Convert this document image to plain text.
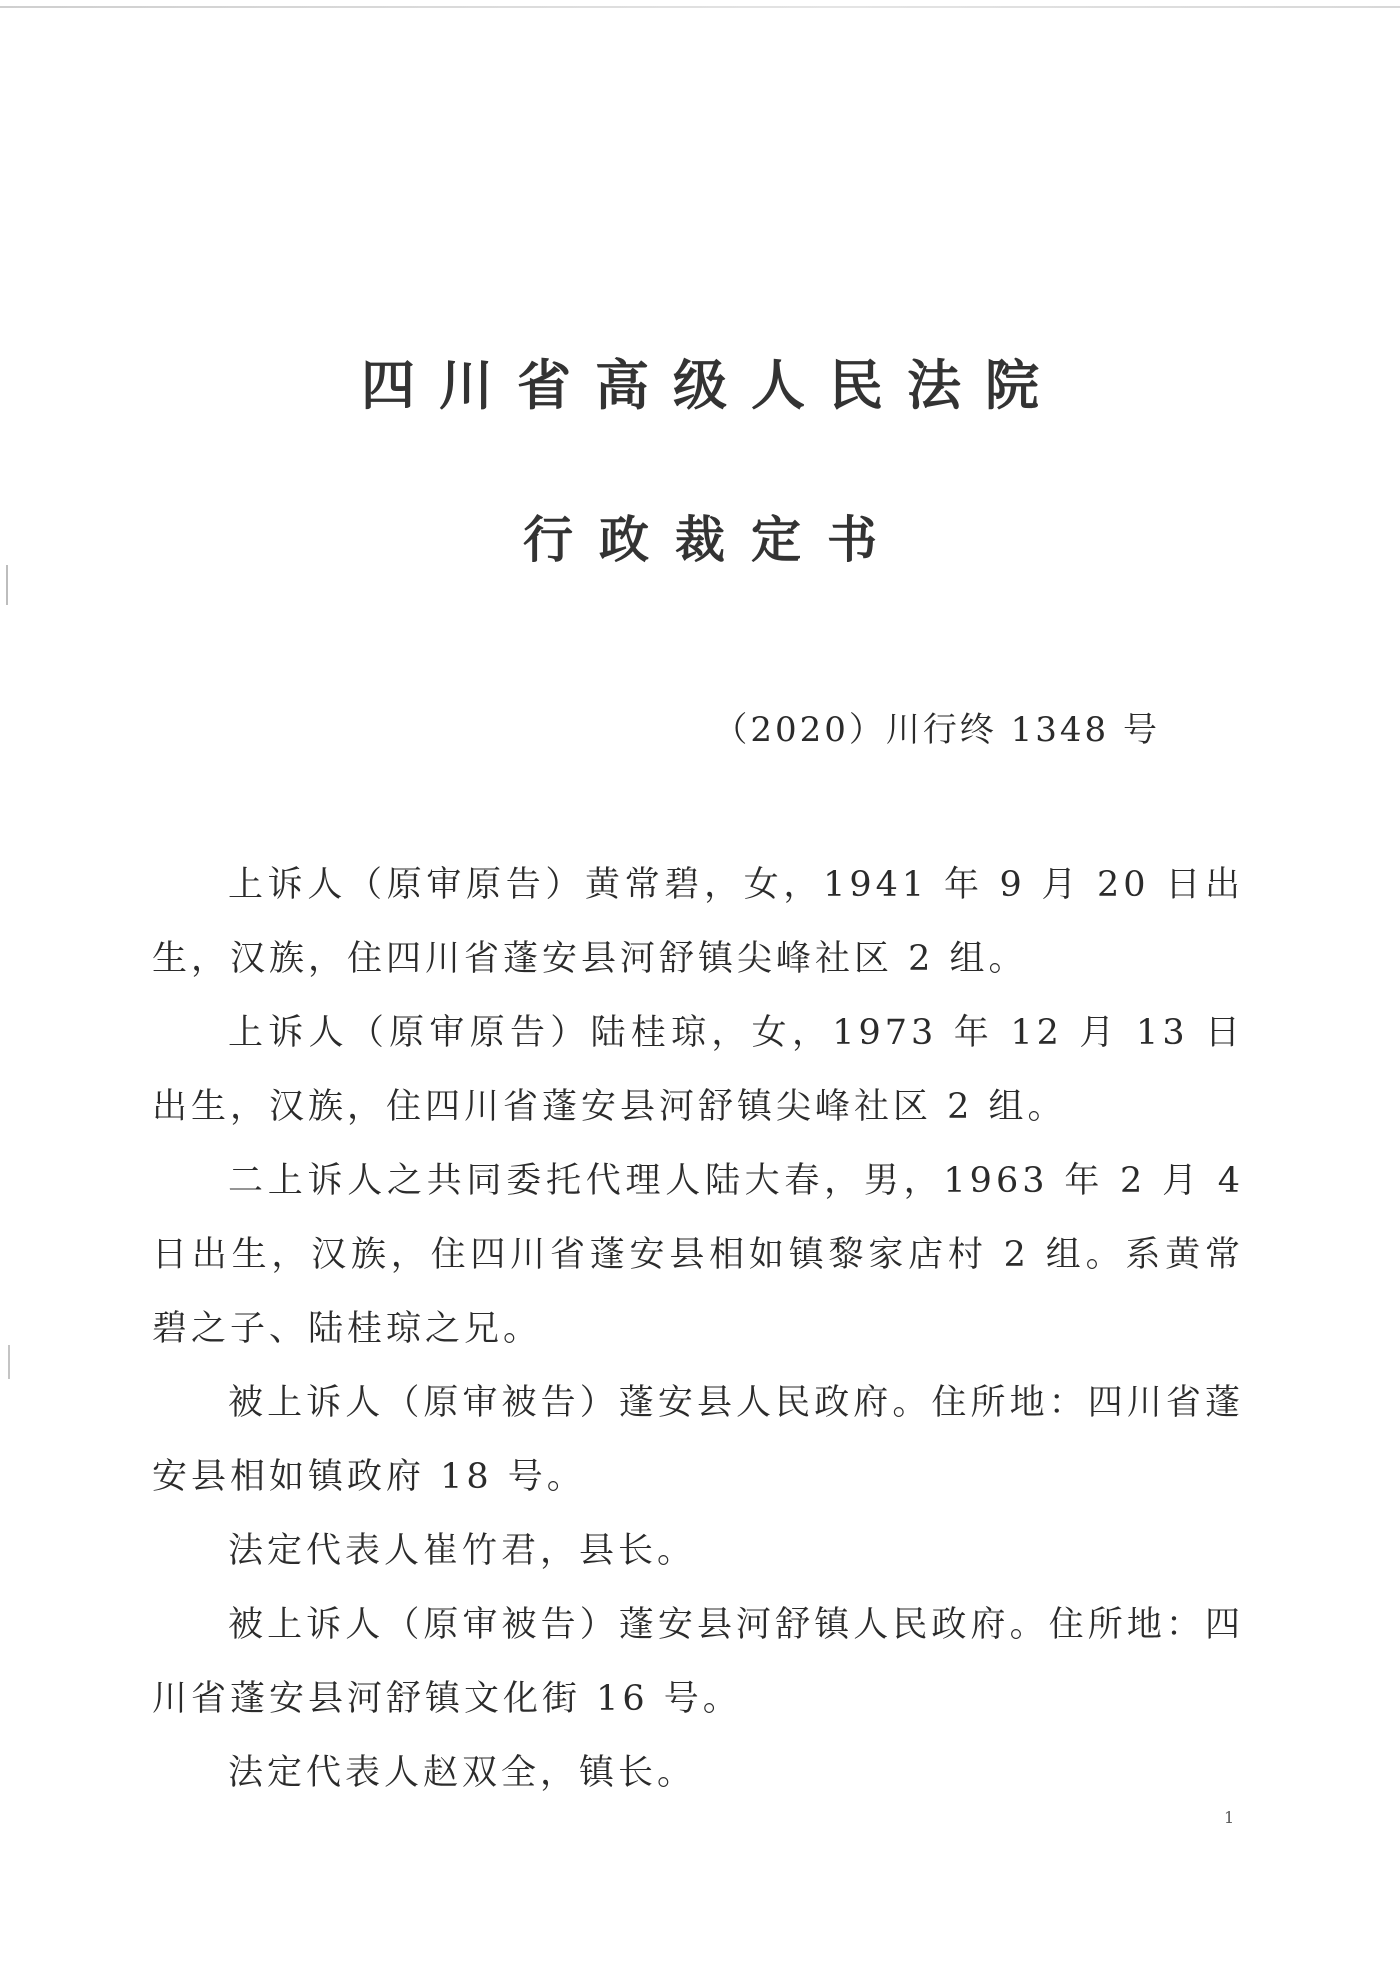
四川省高级人民法院
行政裁定书
（2020）川行终 1348 号

上诉人（原审原告）黄常碧，女，1941 年 9 月 20 日出生，汉族，住四川省蓬安县河舒镇尖峰社区 2 组。

上诉人（原审原告）陆桂琼，女，1973 年 12 月 13 日出生，汉族，住四川省蓬安县河舒镇尖峰社区 2 组。

二上诉人之共同委托代理人陆大春，男，1963 年 2 月 4 日出生，汉族，住四川省蓬安县相如镇黎家店村 2 组。系黄常碧之子、陆桂琼之兄。

被上诉人（原审被告）蓬安县人民政府。住所地：四川省蓬安县相如镇政府 18 号。

法定代表人崔竹君，县长。

被上诉人（原审被告）蓬安县河舒镇人民政府。住所地：四川省蓬安县河舒镇文化街 16 号。

法定代表人赵双全，镇长。

1
